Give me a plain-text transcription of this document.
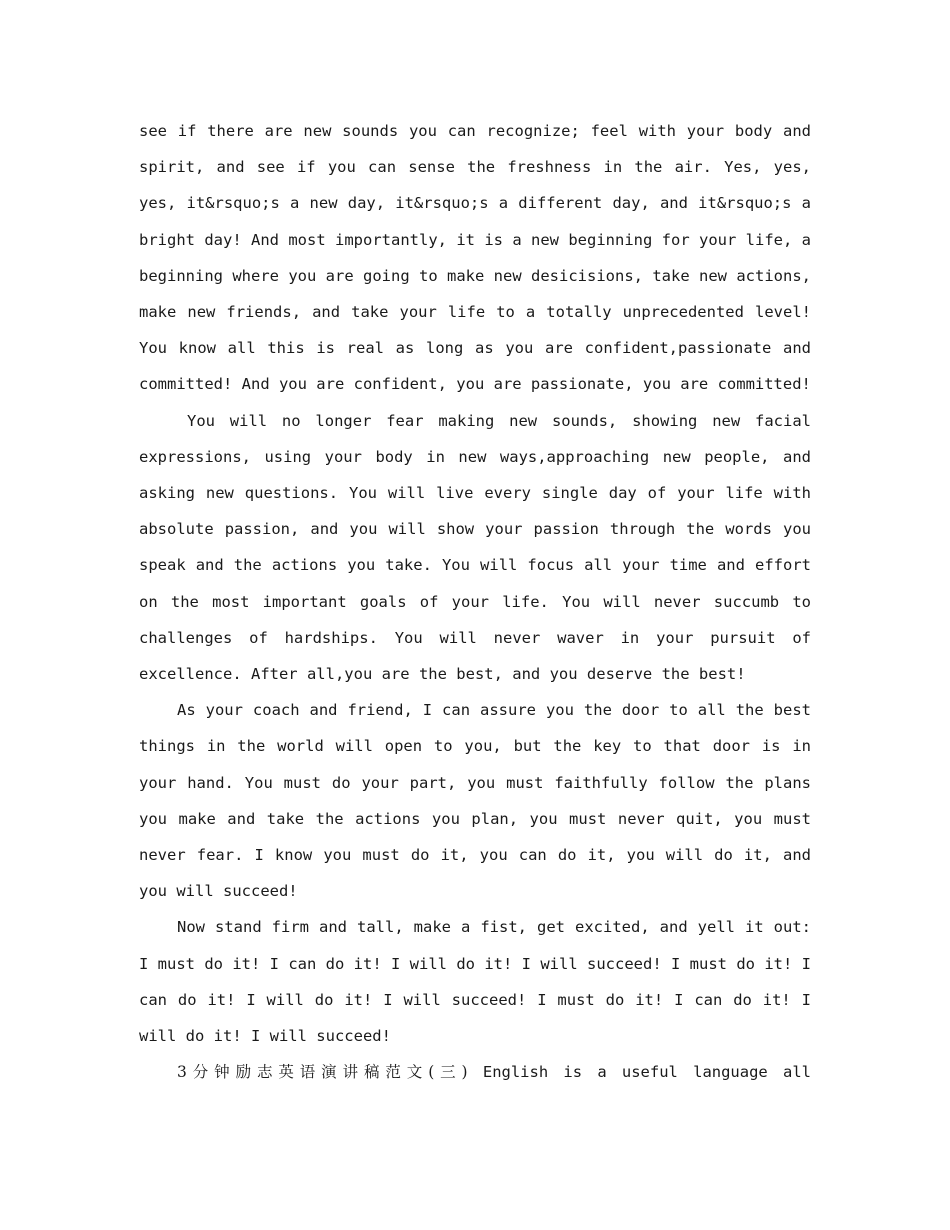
see if there are new sounds you can recognize; feel with your body and spirit, and see if you can sense the freshness in the air. Yes, yes, yes, it&rsquo;s a new day, it&rsquo;s a different day, and it&rsquo;s a bright day! And most importantly, it is a new beginning for your life, a beginning where you are going to make new desicisions, take new actions, make new friends, and take your life to a totally unprecedented level! You know all this is real as long as you are confident,passionate and committed! And you are confident, you are passionate, you are committed!

You will no longer fear making new sounds, showing new facial expressions, using your body in new ways,approaching new people, and asking new questions. You will live every single day of your life with absolute passion, and you will show your passion through the words you speak and the actions you take. You will focus all your time and effort on the most important goals of your life. You will never succumb to challenges of hardships. You will never waver in your pursuit of excellence. After all,you are the best, and you deserve the best!

As your coach and friend, I can assure you the door to all the best things in the world will open to you, but the key to that door is in your hand. You must do your part, you must faithfully follow the plans you make and take the actions you plan, you must never quit, you must never fear. I know you must do it, you can do it, you will do it, and you will succeed!

Now stand firm and tall, make a fist, get excited, and yell it out: I must do it! I can do it! I will do it! I will succeed! I must do it! I can do it! I will do it! I will succeed! I must do it! I can do it! I will do it! I will succeed!

3分钟励志英语演讲稿范文(三) English is a useful language all
